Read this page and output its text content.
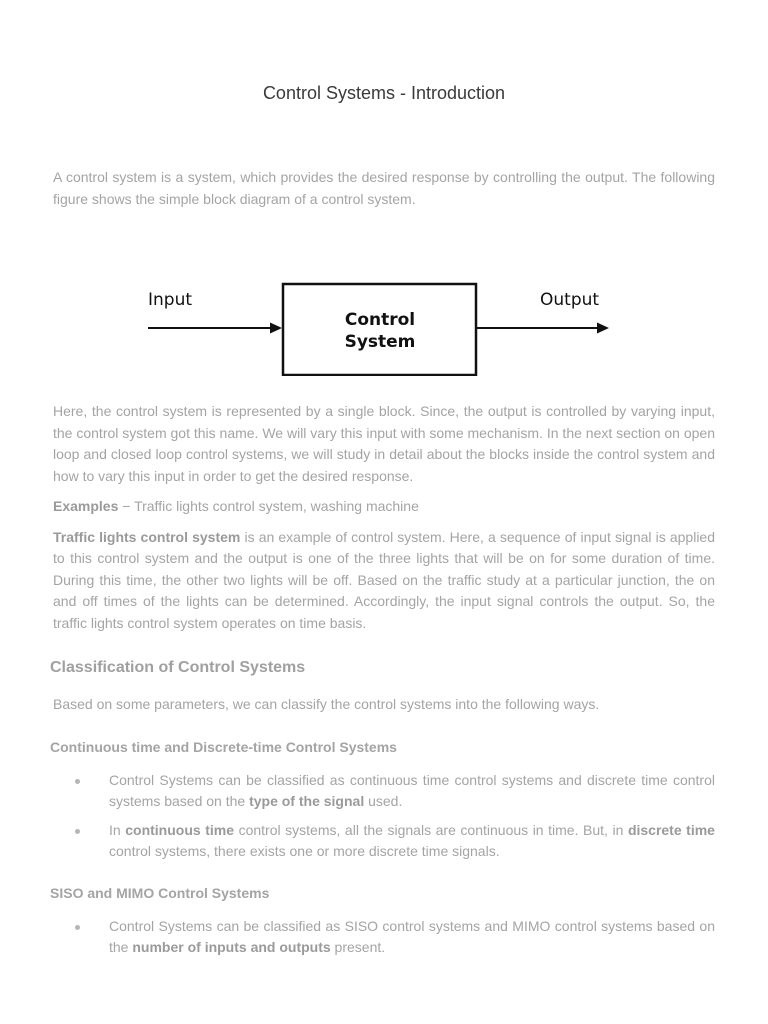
Control Systems - Introduction

A control system is a system, which provides the desired response by controlling the output. The following figure shows the simple block diagram of a control system.

Input
Control
System
Output

Here, the control system is represented by a single block. Since, the output is controlled by varying input, the control system got this name. We will vary this input with some mechanism. In the next section on open loop and closed loop control systems, we will study in detail about the blocks inside the control system and how to vary this input in order to get the desired response.

Examples − Traffic lights control system, washing machine

Traffic lights control system is an example of control system. Here, a sequence of input signal is applied to this control system and the output is one of the three lights that will be on for some duration of time. During this time, the other two lights will be off. Based on the traffic study at a particular junction, the on and off times of the lights can be determined. Accordingly, the input signal controls the output. So, the traffic lights control system operates on time basis.

Classification of Control Systems

Based on some parameters, we can classify the control systems into the following ways.

Continuous time and Discrete-time Control Systems
Control Systems can be classified as continuous time control systems and discrete time control systems based on the type of the signal used.
In continuous time control systems, all the signals are continuous in time. But, in discrete time control systems, there exists one or more discrete time signals.
SISO and MIMO Control Systems
Control Systems can be classified as SISO control systems and MIMO control systems based on the number of inputs and outputs present.
